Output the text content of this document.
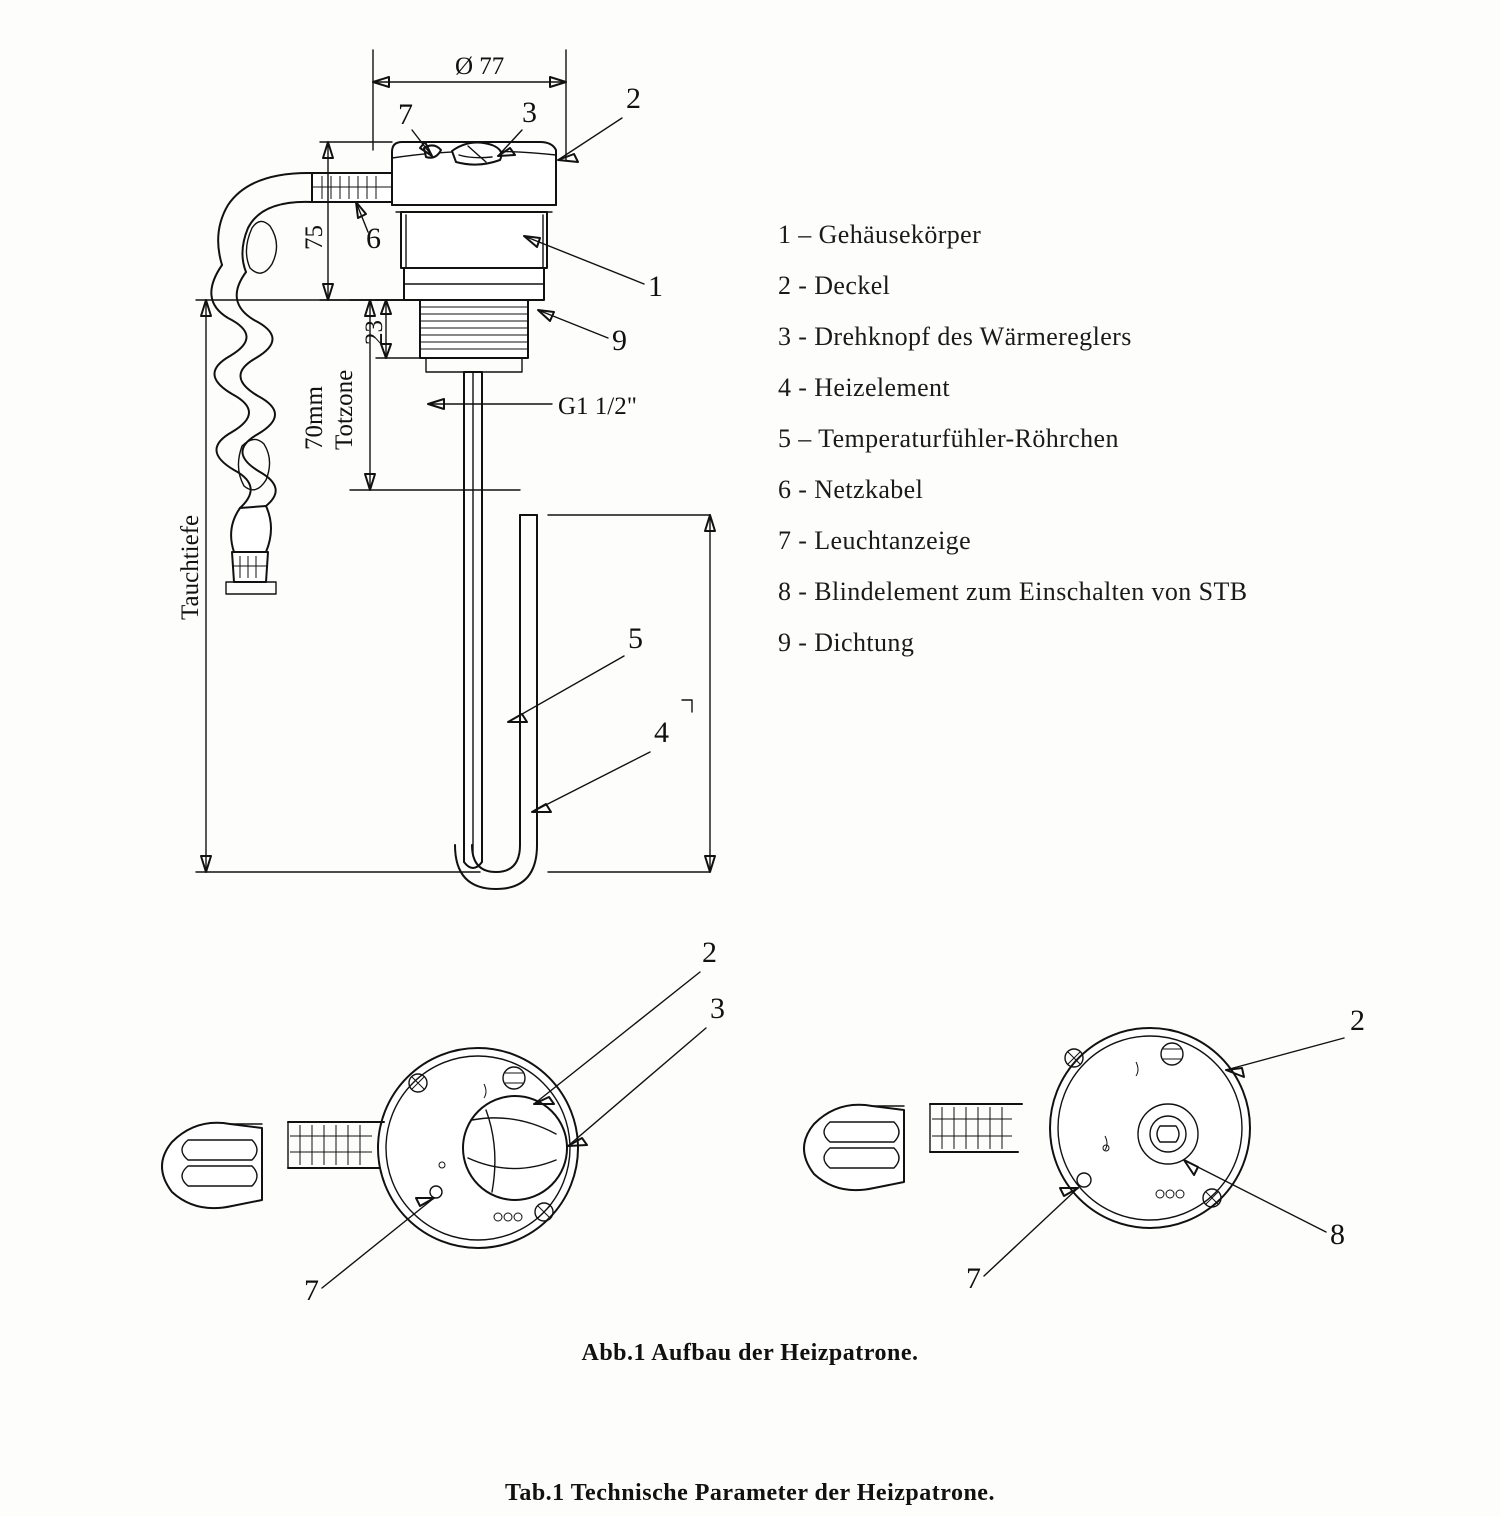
Ø 77
75
23
70mm Totzone
Tauchtiefe
G1 1/2"
7	3	2
6
1
9
5
4
2
3
7
2
8
7
1 – Gehäusekörper
2 - Deckel
3 - Drehknopf des Wärmereglers
4 - Heizelement
5 – Temperaturfühler-Röhrchen
6 - Netzkabel
7 - Leuchtanzeige
8 - Blindelement zum Einschalten von STB
9 - Dichtung
Abb.1 Aufbau der Heizpatrone.
Tab.1 Technische Parameter der Heizpatrone.
